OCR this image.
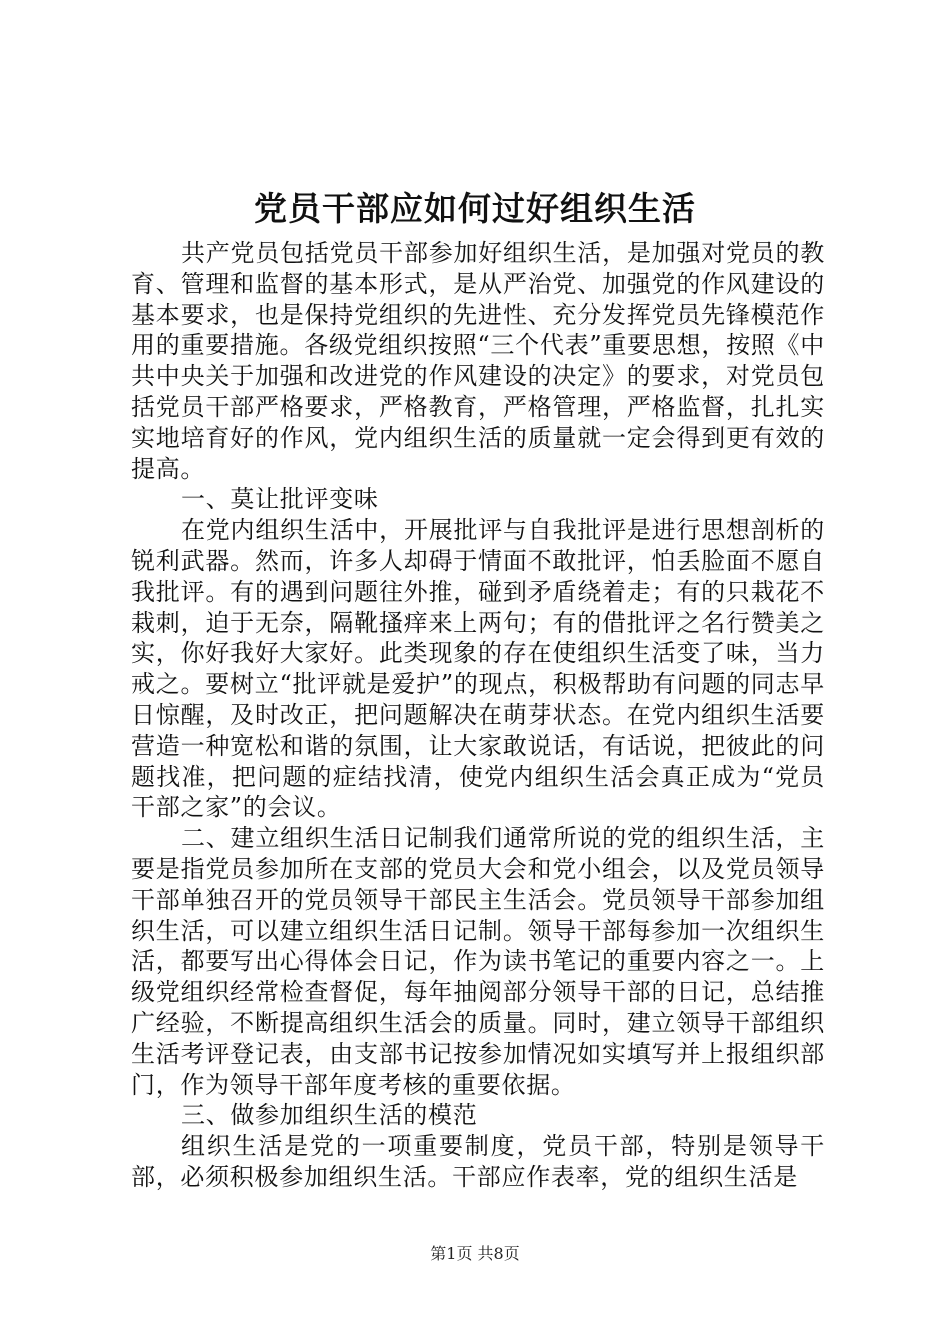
党员干部应如何过好组织生活

共产党员包括党员干部参加好组织生活，是加强对党员的教育、管理和监督的基本形式，是从严治党、加强党的作风建设的基本要求，也是保持党组织的先进性、充分发挥党员先锋模范作用的重要措施。各级党组织按照“三个代表”重要思想，按照《中共中央关于加强和改进党的作风建设的决定》的要求，对党员包括党员干部严格要求，严格教育，严格管理，严格监督，扎扎实实地培育好的作风，党内组织生活的质量就一定会得到更有效的提高。

一、莫让批评变味

在党内组织生活中，开展批评与自我批评是进行思想剖析的锐利武器。然而，许多人却碍于情面不敢批评，怕丢脸面不愿自我批评。有的遇到问题往外推，碰到矛盾绕着走；有的只栽花不栽刺，迫于无奈，隔靴搔痒来上两句；有的借批评之名行赞美之实，你好我好大家好。此类现象的存在使组织生活变了味，当力戒之。要树立“批评就是爱护”的现点，积极帮助有问题的同志早日惊醒，及时改正，把问题解决在萌芽状态。在党内组织生活要营造一种宽松和谐的氛围，让大家敢说话，有话说，把彼此的问题找准，把问题的症结找清，使党内组织生活会真正成为“党员干部之家”的会议。

二、建立组织生活日记制我们通常所说的党的组织生活，主要是指党员参加所在支部的党员大会和党小组会，以及党员领导干部单独召开的党员领导干部民主生活会。党员领导干部参加组织生活，可以建立组织生活日记制。领导干部每参加一次组织生活，都要写出心得体会日记，作为读书笔记的重要内容之一。上级党组织经常检查督促，每年抽阅部分领导干部的日记，总结推广经验，不断提高组织生活会的质量。同时，建立领导干部组织生活考评登记表，由支部书记按参加情况如实填写并上报组织部门，作为领导干部年度考核的重要依据。

三、做参加组织生活的模范

组织生活是党的一项重要制度，党员干部，特别是领导干部，必须积极参加组织生活。干部应作表率，党的组织生活是

第1页 共8页
